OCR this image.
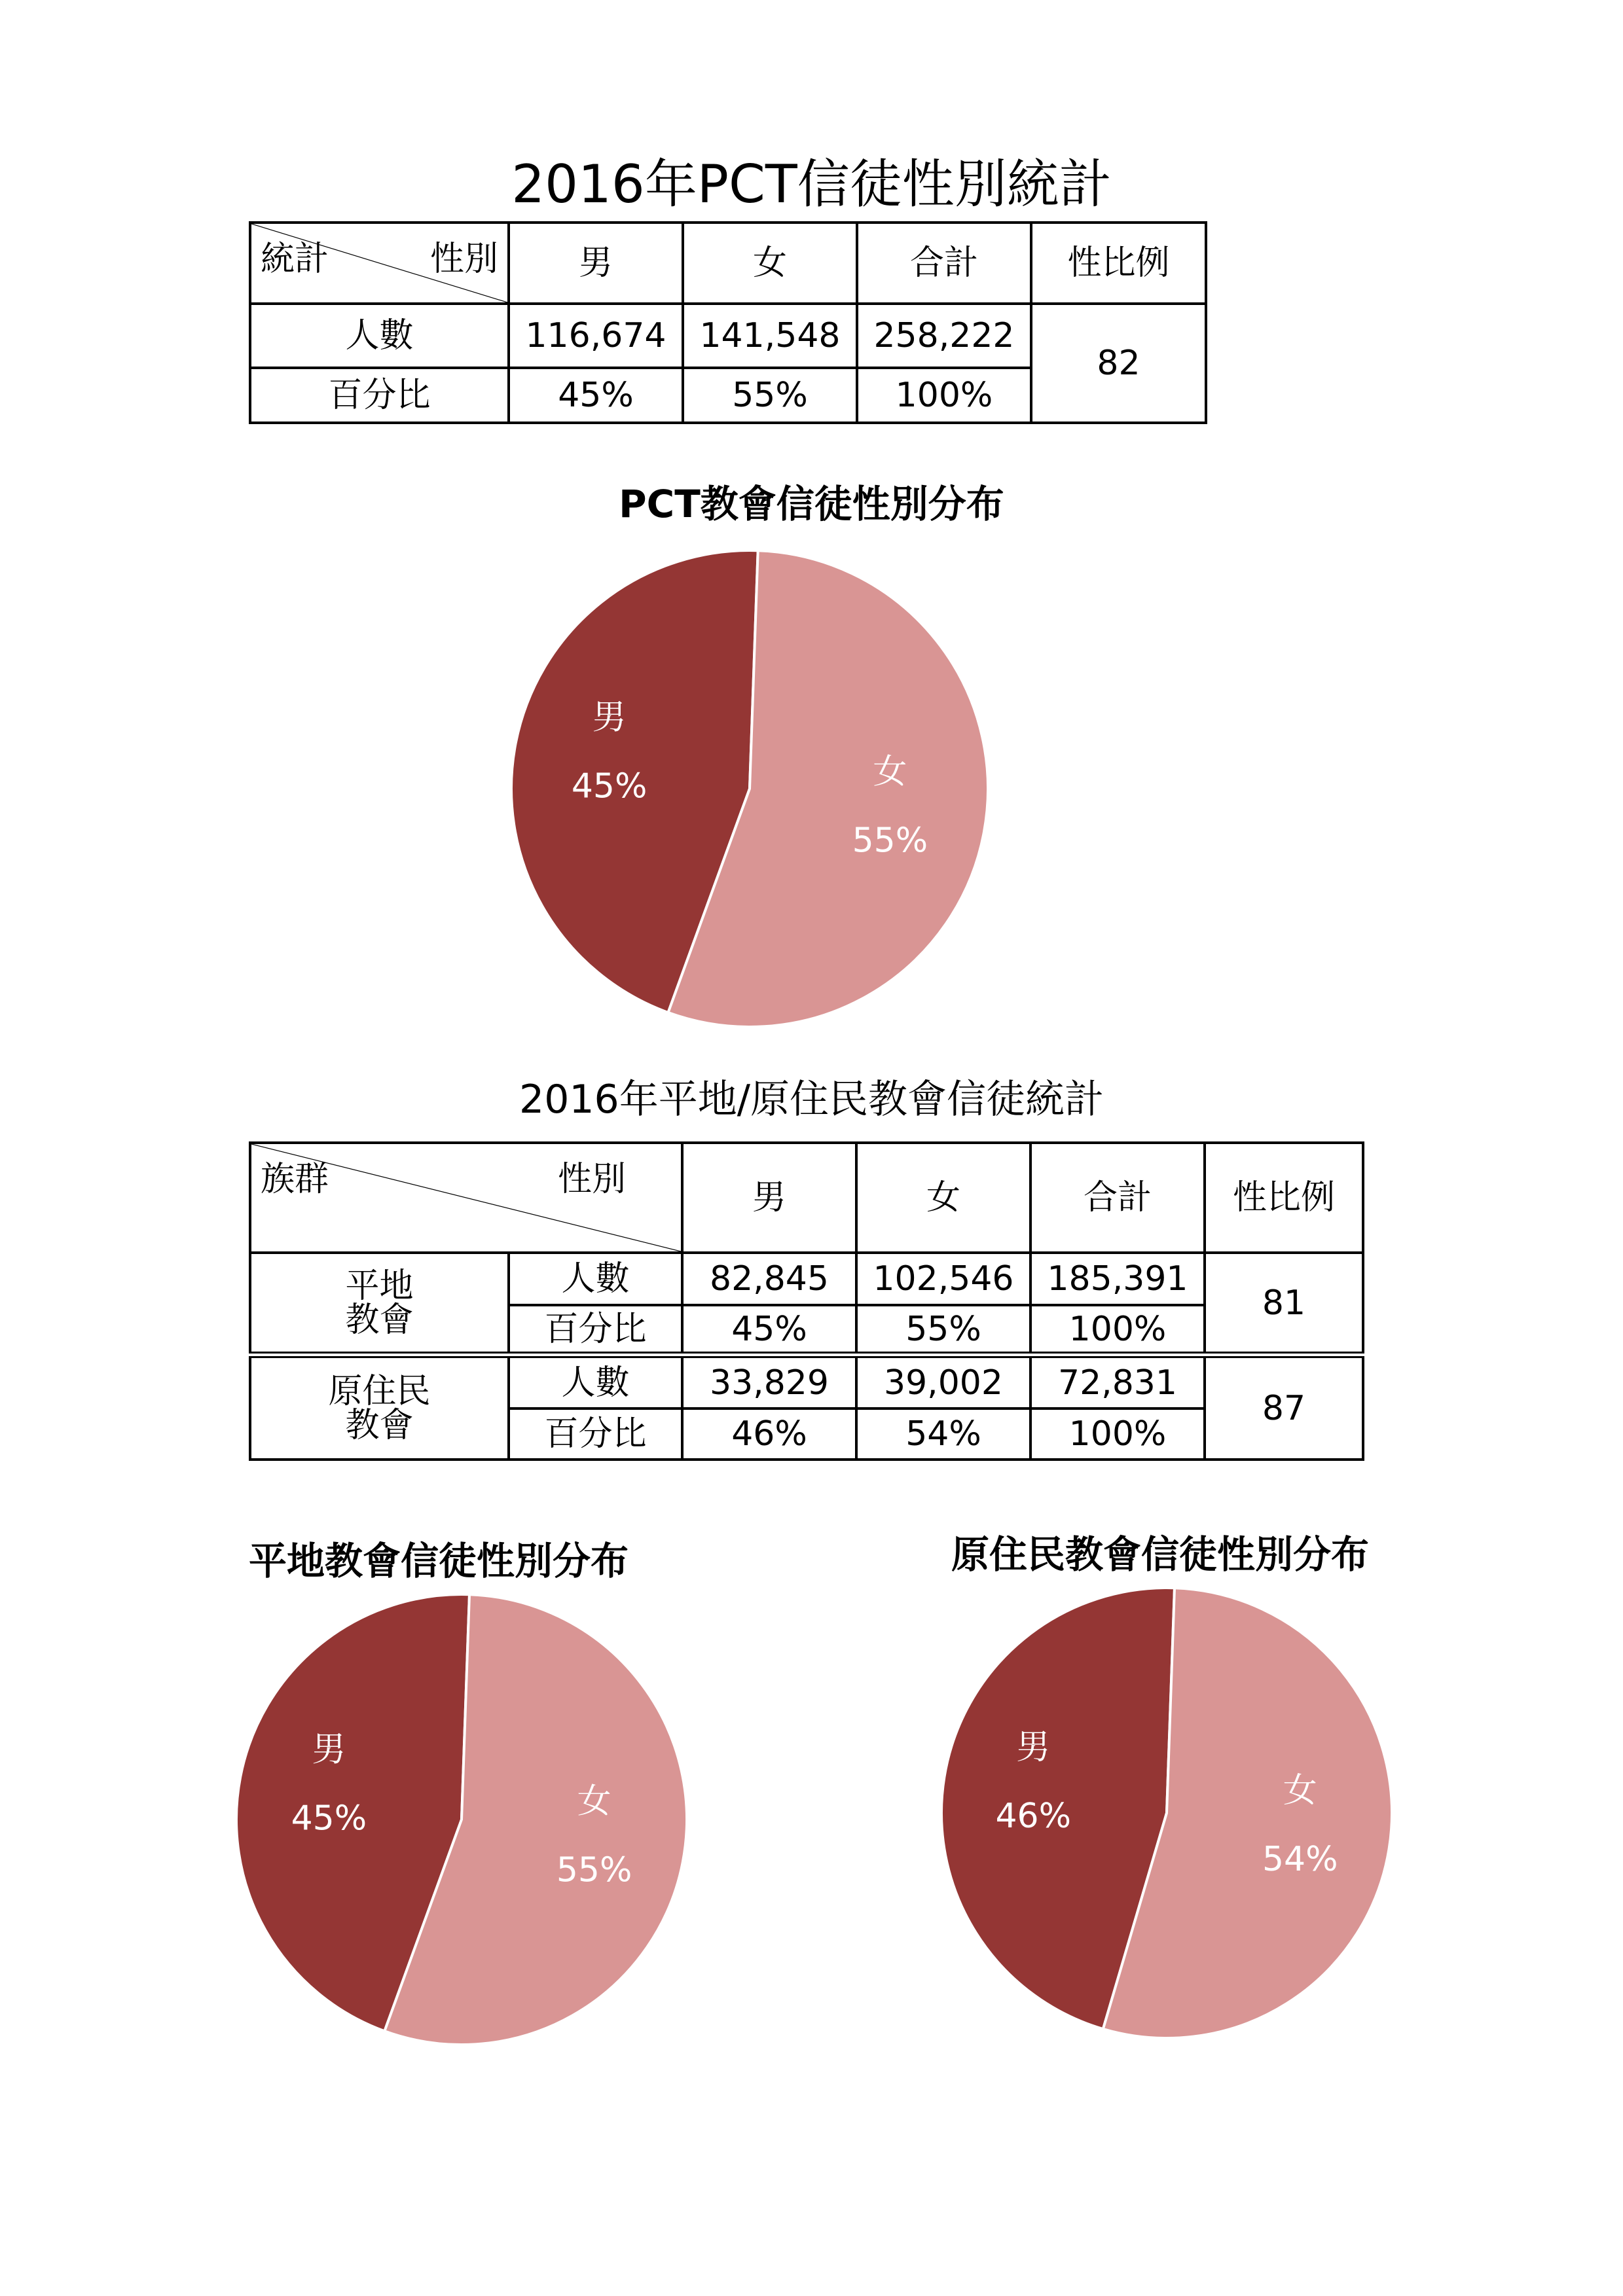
2016年PCT信徒性別統計
統計 性別	男	女	合計	性比例
人數	116,674	141,548	258,222	82
百分比	45%	55%	100%	
PCT教會信徒性別分布
男
45%	女
55%
2016年平地/原住民教會信徒統計
族群 性別		男	女	合計	性比例
平地
教會	人數	82,845	102,546	185,391	81
	百分比	45%	55%	100%	
原住民
教會	人數	33,829	39,002	72,831	87
	百分比	46%	54%	100%	
平地教會信徒性別分布	原住民教會信徒性別分布
男
45%	女
55%
男
46%
女
54%
